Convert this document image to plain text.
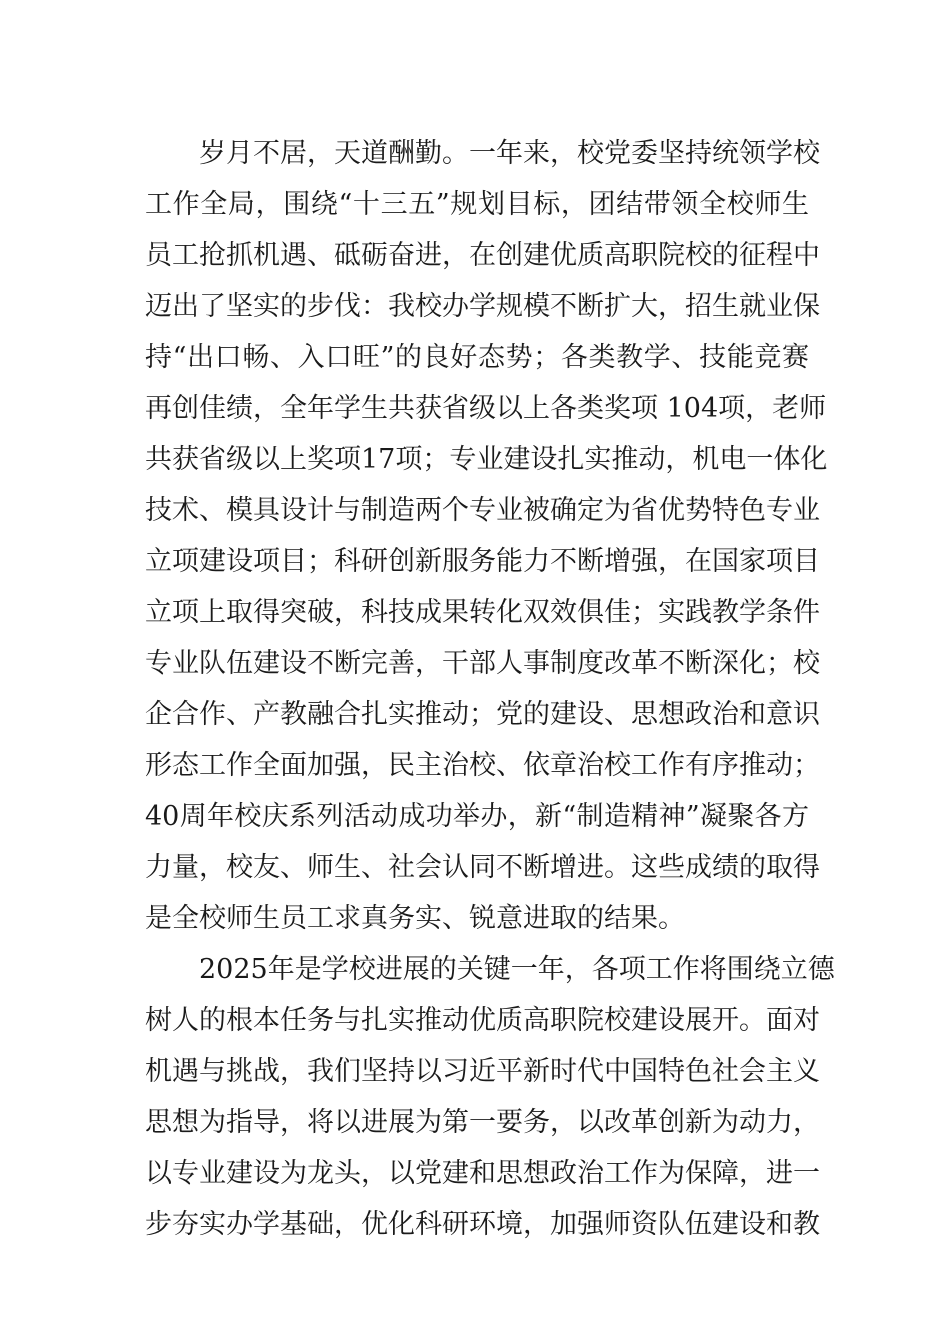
岁月不居，天道酬勤。一年来，校党委坚持统领学校
工作全局，围绕“十三五”规划目标，团结带领全校师生
员工抢抓机遇、砥砺奋进，在创建优质高职院校的征程中
迈出了坚实的步伐：我校办学规模不断扩大，招生就业保
持“出口畅、入口旺”的良好态势；各类教学、技能竞赛
再创佳绩，全年学生共获省级以上各类奖项 104项，老师
共获省级以上奖项17项；专业建设扎实推动，机电一体化
技术、模具设计与制造两个专业被确定为省优势特色专业
立项建设项目；科研创新服务能力不断增强，在国家项目
立项上取得突破，科技成果转化双效俱佳；实践教学条件
专业队伍建设不断完善，干部人事制度改革不断深化；校
企合作、产教融合扎实推动；党的建设、思想政治和意识
形态工作全面加强，民主治校、依章治校工作有序推动；
40周年校庆系列活动成功举办，新“制造精神”凝聚各方
力量，校友、师生、社会认同不断增进。这些成绩的取得
是全校师生员工求真务实、锐意进取的结果。
2025年是学校进展的关键一年，各项工作将围绕立德
树人的根本任务与扎实推动优质高职院校建设展开。面对
机遇与挑战，我们坚持以习近平新时代中国特色社会主义
思想为指导，将以进展为第一要务，以改革创新为动力，
以专业建设为龙头，以党建和思想政治工作为保障，进一
步夯实办学基础，优化科研环境，加强师资队伍建设和教
